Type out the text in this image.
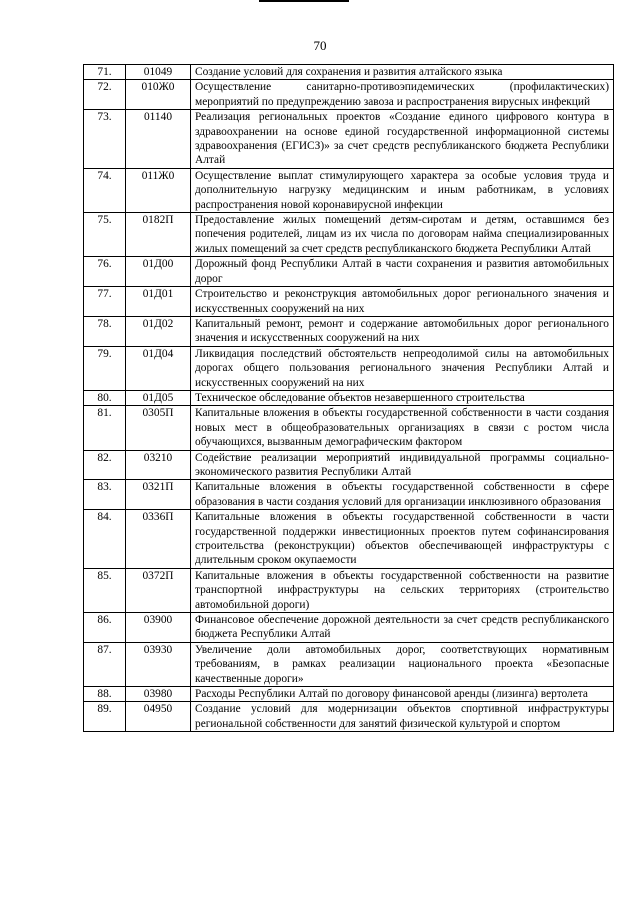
70
71.	01049	Создание условий для сохранения и развития алтайского языка
72.	010Ж0	Осуществление санитарно-противоэпидемических (профилактических) мероприятий по предупреждению завоза и распространения вирусных инфекций
73.	01140	Реализация региональных проектов «Создание единого цифрового контура в здравоохранении на основе единой государственной информационной системы здравоохранения (ЕГИСЗ)» за счет средств республиканского бюджета Республики Алтай
74.	011Ж0	Осуществление выплат стимулирующего характера за особые условия труда и дополнительную нагрузку медицинским и иным работникам, в условиях распространения новой коронавирусной инфекции
75.	0182П	Предоставление жилых помещений детям-сиротам и детям, оставшимся без попечения родителей, лицам из их числа по договорам найма специализированных жилых помещений за счет средств республиканского бюджета Республики Алтай
76.	01Д00	Дорожный фонд Республики Алтай в части сохранения и развития автомобильных дорог
77.	01Д01	Строительство и реконструкция автомобильных дорог регионального значения и искусственных сооружений на них
78.	01Д02	Капитальный ремонт, ремонт и содержание автомобильных дорог регионального значения и искусственных сооружений на них
79.	01Д04	Ликвидация последствий обстоятельств непреодолимой силы на автомобильных дорогах общего пользования регионального значения Республики Алтай и искусственных сооружений на них
80.	01Д05	Техническое обследование объектов незавершенного строительства
81.	0305П	Капитальные вложения в объекты государственной собственности в части создания новых мест в общеобразовательных организациях в связи с ростом числа обучающихся, вызванным демографическим фактором
82.	03210	Содействие реализации мероприятий индивидуальной программы социально-экономического развития Республики Алтай
83.	0321П	Капитальные вложения в объекты государственной собственности в сфере образования в части создания условий для организации инклюзивного образования
84.	0336П	Капитальные вложения в объекты государственной собственности в части государственной поддержки инвестиционных проектов путем софинансирования строительства (реконструкции) объектов обеспечивающей инфраструктуры с длительным сроком окупаемости
85.	0372П	Капитальные вложения в объекты государственной собственности на развитие транспортной инфраструктуры на сельских территориях (строительство автомобильной дороги)
86.	03900	Финансовое обеспечение дорожной деятельности за счет средств республиканского бюджета Республики Алтай
87.	03930	Увеличение доли автомобильных дорог, соответствующих нормативным требованиям, в рамках реализации национального проекта «Безопасные качественные дороги»
88.	03980	Расходы Республики Алтай по договору финансовой аренды (лизинга) вертолета
89.	04950	Создание условий для модернизации объектов спортивной инфраструктуры региональной собственности для занятий физической культурой и спортом
